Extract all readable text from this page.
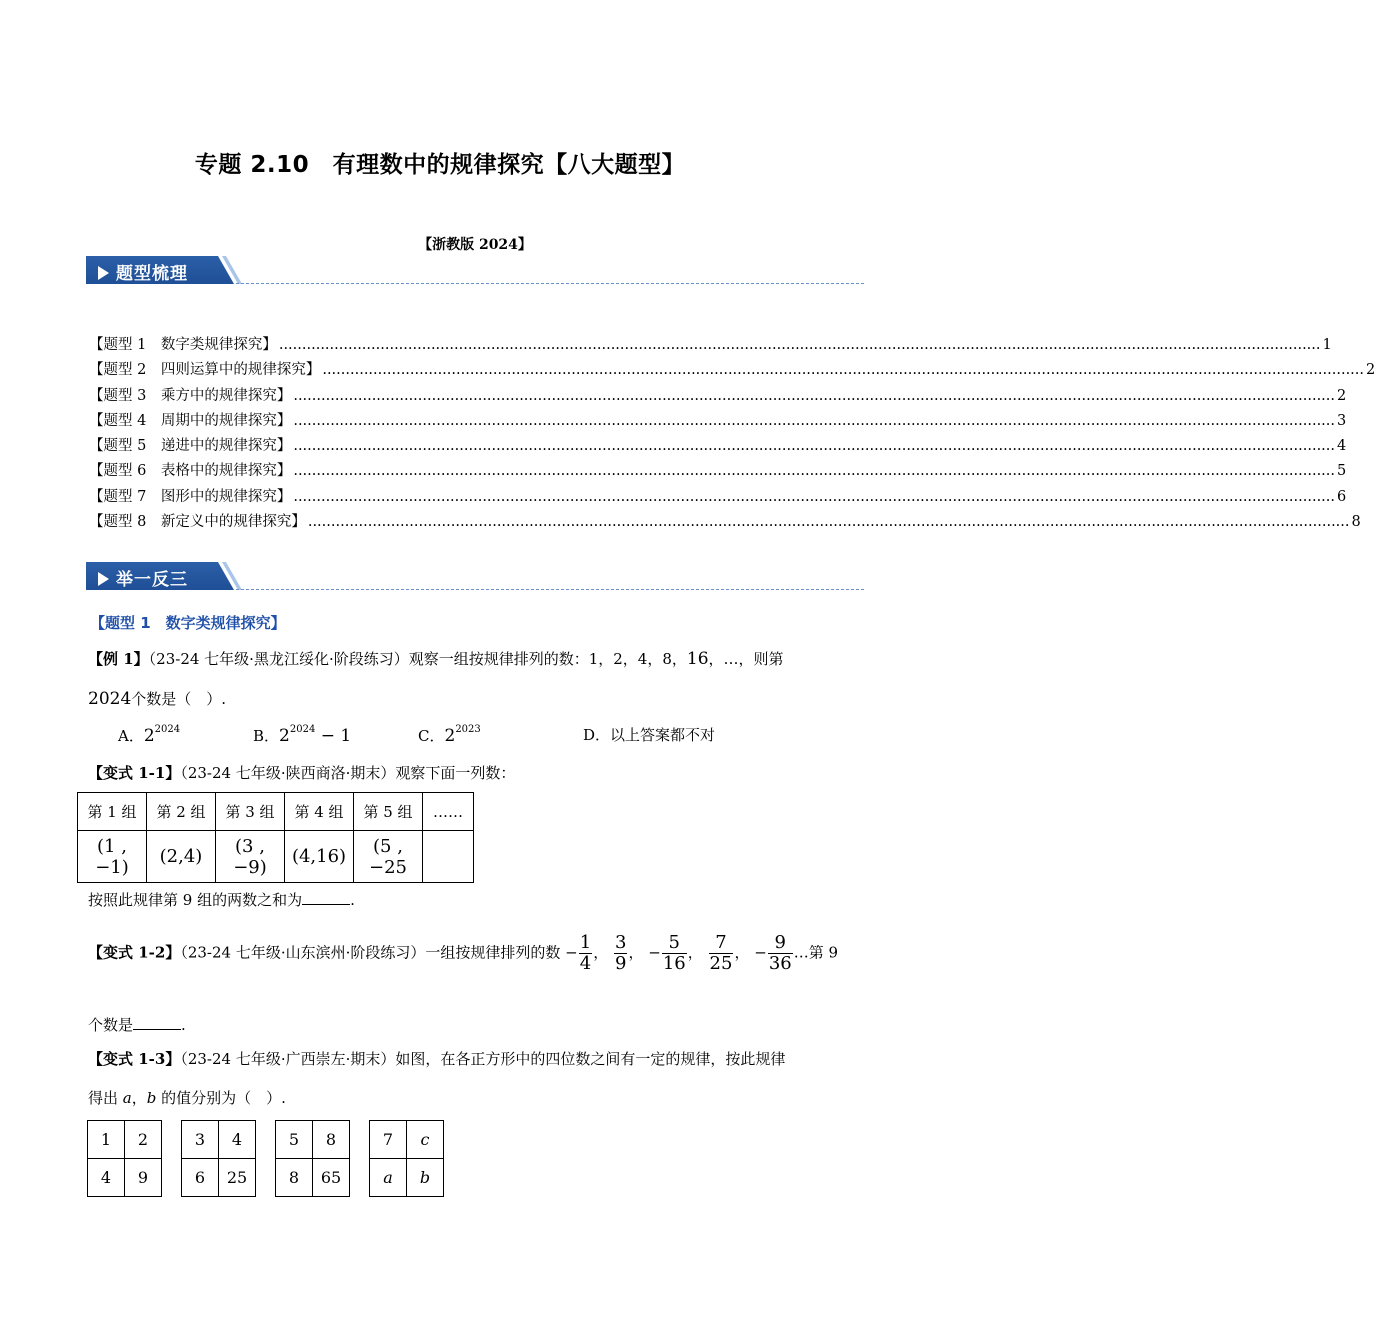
专题 2.10　有理数中的规律探究【八大题型】
【浙教版 2024】
题型梳理
【题型 1　数字类规律探究】 .................................................................................................................................................................................................................................. 1
【题型 2　四则运算中的规律探究】 .................................................................................................................................................................................................................................. 2
【题型 3　乘方中的规律探究】 .................................................................................................................................................................................................................................. 2
【题型 4　周期中的规律探究】 .................................................................................................................................................................................................................................. 3
【题型 5　递进中的规律探究】 .................................................................................................................................................................................................................................. 4
【题型 6　表格中的规律探究】 .................................................................................................................................................................................................................................. 5
【题型 7　图形中的规律探究】 .................................................................................................................................................................................................................................. 6
【题型 8　新定义中的规律探究】 .................................................................................................................................................................................................................................. 8
举一反三
【题型 1　数字类规律探究】
【例 1】（23-24 七年级·黑龙江绥化·阶段练习）观察一组按规律排列的数：1，2，4，8，16，…，则第
2024个数是（　）.
A．$2^{2024}$	B．$2^{2024} - 1$	C．$2^{2023}$	D．以上答案都不对
【变式 1-1】（23-24 七年级·陕西商洛·期末）观察下面一列数：
第 1 组	第 2 组	第 3 组	第 4 组	第 5 组	……
(1 , −1)	(2,4)	(3 , −9)	(4,16)	(5 , −25	
按照此规律第 9 组的两数之和为	.
【变式 1-2】（23-24 七年级·山东滨州·阶段练习）一组按规律排列的数 − $\frac{1}{4}$ ， $\frac{3}{9}$ ， − $\frac{5}{16}$ ， $\frac{7}{25}$ ， − $\frac{9}{36}$ …第 9
个数是	.
【变式 1-3】（23-24 七年级·广西崇左·期末）如图，在各正方形中的四位数之间有一定的规律，按此规律
得出 a，b 的值分别为（　）.
1	2
4	9
3	4
6	25
5	8
8	65
7	c
a	b
